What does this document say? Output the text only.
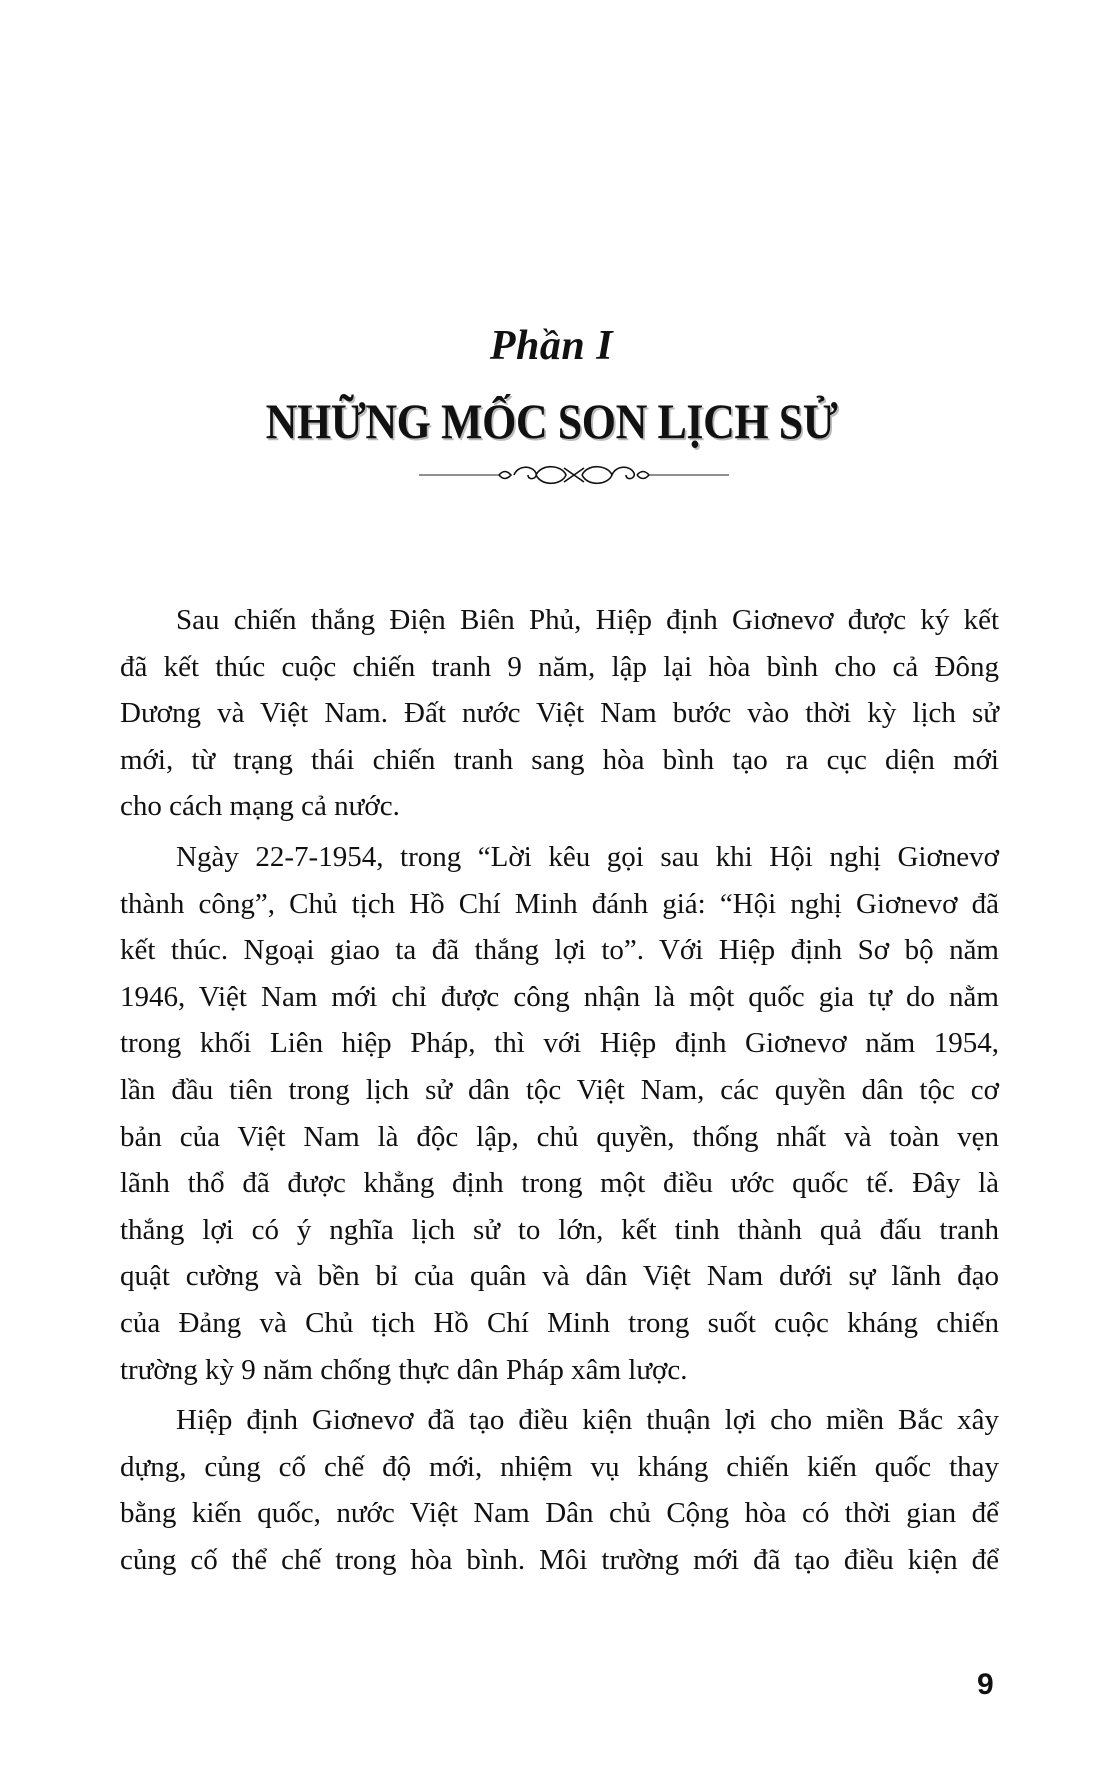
Phần I
NHỮNG MỐC SON LỊCH SỬ
Sau chiến thắng Điện Biên Phủ, Hiệp định Giơnevơ được ký kết
đã kết thúc cuộc chiến tranh 9 năm, lập lại hòa bình cho cả Đông
Dương và Việt Nam. Đất nước Việt Nam bước vào thời kỳ lịch sử
mới, từ trạng thái chiến tranh sang hòa bình tạo ra cục diện mới
cho cách mạng cả nước.
Ngày 22-7-1954, trong “Lời kêu gọi sau khi Hội nghị Giơnevơ
thành công”, Chủ tịch Hồ Chí Minh đánh giá: “Hội nghị Giơnevơ đã
kết thúc. Ngoại giao ta đã thắng lợi to”. Với Hiệp định Sơ bộ năm
1946, Việt Nam mới chỉ được công nhận là một quốc gia tự do nằm
trong khối Liên hiệp Pháp, thì với Hiệp định Giơnevơ năm 1954,
lần đầu tiên trong lịch sử dân tộc Việt Nam, các quyền dân tộc cơ
bản của Việt Nam là độc lập, chủ quyền, thống nhất và toàn vẹn
lãnh thổ đã được khẳng định trong một điều ước quốc tế. Đây là
thắng lợi có ý nghĩa lịch sử to lớn, kết tinh thành quả đấu tranh
quật cường và bền bỉ của quân và dân Việt Nam dưới sự lãnh đạo
của Đảng và Chủ tịch Hồ Chí Minh trong suốt cuộc kháng chiến
trường kỳ 9 năm chống thực dân Pháp xâm lược.
Hiệp định Giơnevơ đã tạo điều kiện thuận lợi cho miền Bắc xây
dựng, củng cố chế độ mới, nhiệm vụ kháng chiến kiến quốc thay
bằng kiến quốc, nước Việt Nam Dân chủ Cộng hòa có thời gian để
củng cố thể chế trong hòa bình. Môi trường mới đã tạo điều kiện để
9
